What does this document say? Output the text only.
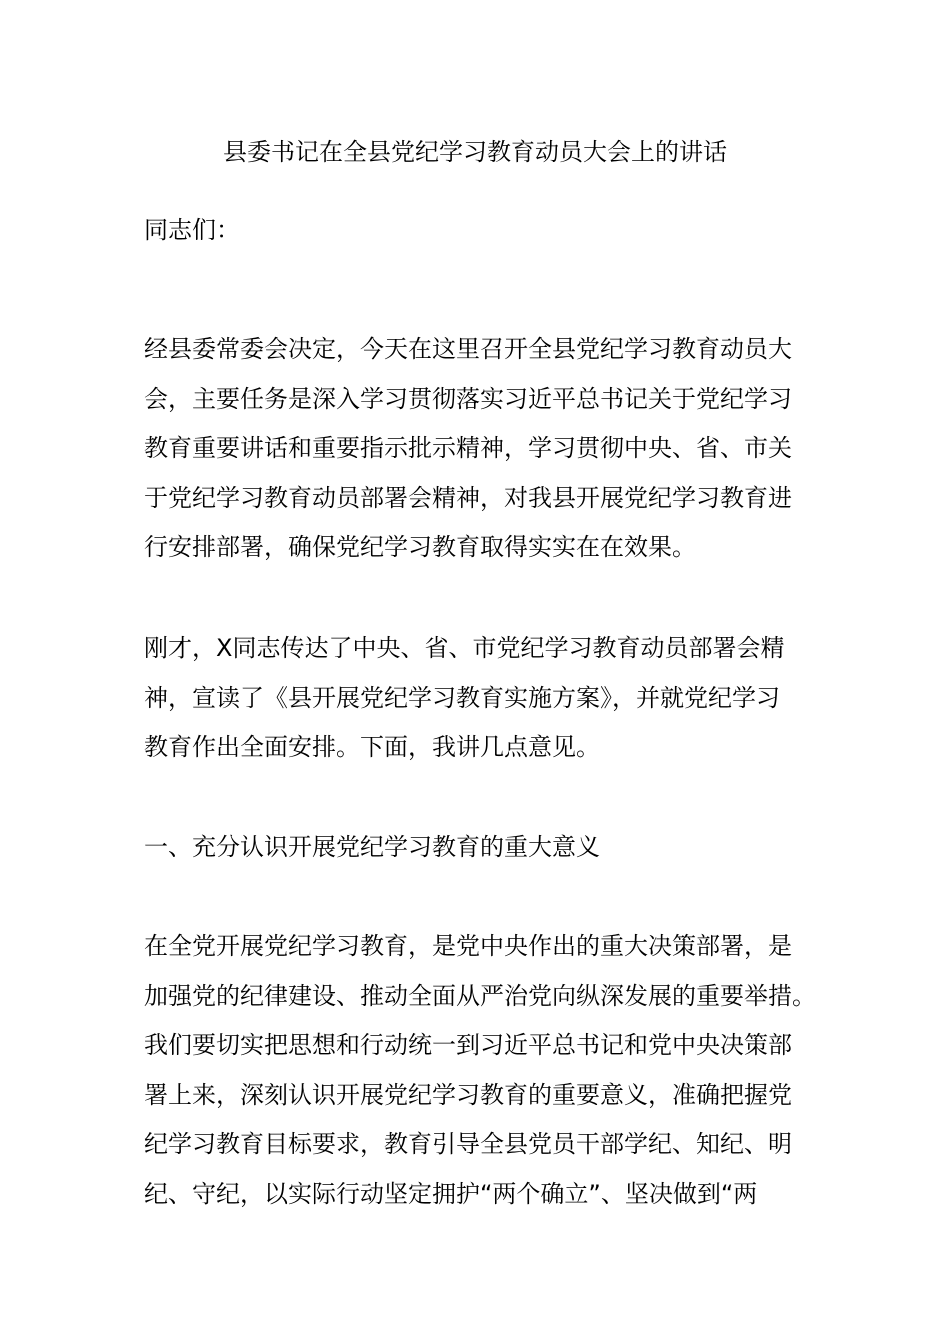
县委书记在全县党纪学习教育动员大会上的讲话
同志们：
经县委常委会决定，今天在这里召开全县党纪学习教育动员大
会，主要任务是深入学习贯彻落实习近平总书记关于党纪学习
教育重要讲话和重要指示批示精神，学习贯彻中央、省、市关
于党纪学习教育动员部署会精神，对我县开展党纪学习教育进
行安排部署，确保党纪学习教育取得实实在在效果。
刚才，X同志传达了中央、省、市党纪学习教育动员部署会精
神，宣读了《县开展党纪学习教育实施方案》，并就党纪学习
教育作出全面安排。下面，我讲几点意见。
一、充分认识开展党纪学习教育的重大意义
在全党开展党纪学习教育，是党中央作出的重大决策部署，是
加强党的纪律建设、推动全面从严治党向纵深发展的重要举措。
我们要切实把思想和行动统一到习近平总书记和党中央决策部
署上来，深刻认识开展党纪学习教育的重要意义，准确把握党
纪学习教育目标要求，教育引导全县党员干部学纪、知纪、明
纪、守纪，以实际行动坚定拥护“两个确立”、坚决做到“两
